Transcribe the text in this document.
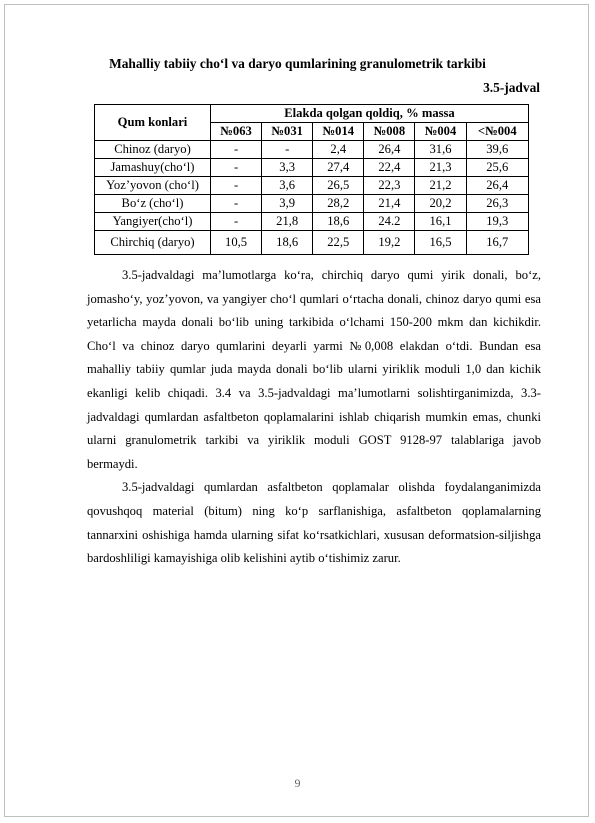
Mahalliy tabiiy cho‘l va daryo qumlarining granulometrik tarkibi
3.5-jadval
Qum konlari	Elakda qolgan qoldiq, % massa					
	№063	№031	№014	№008	№004	<№004
Chinoz (daryo)	-	-	2,4	26,4	31,6	39,6
Jamashuy(cho‘l)	-	3,3	27,4	22,4	21,3	25,6
Yoz’yovon (cho‘l)	-	3,6	26,5	22,3	21,2	26,4
Bo‘z (cho‘l)	-	3,9	28,2	21,4	20,2	26,3
Yangiyer(cho‘l)	-	21,8	18,6	24.2	16,1	19,3
Chirchiq (daryo)	10,5	18,6	22,5	19,2	16,5	16,7

3.5-jadvaldagi ma’lumotlarga ko‘ra, chirchiq daryo qumi yirik donali, bo‘z, jomasho‘y, yoz’yovon, va yangiyer cho‘l qumlari o‘rtacha donali, chinoz daryo qumi esa yetarlicha mayda donali bo‘lib uning tarkibida o‘lchami 150-200 mkm dan kichikdir. Cho‘l va chinoz daryo qumlarini deyarli yarmi №0,008 elakdan o‘tdi. Bundan esa mahalliy tabiiy qumlar juda mayda donali bo‘lib ularni yiriklik moduli 1,0 dan kichik ekanligi kelib chiqadi. 3.4 va 3.5-jadvaldagi ma’lumotlarni solishtirganimizda, 3.3-jadvaldagi qumlardan asfaltbeton qoplamalarini ishlab chiqarish mumkin emas, chunki ularni granulometrik tarkibi va yiriklik moduli GOST 9128-97 talablariga javob bermaydi.

3.5-jadvaldagi qumlardan asfaltbeton qoplamalar olishda foydalanganimizda qovushqoq material (bitum) ning ko‘p sarflanishiga, asfaltbeton qoplamalarning tannarxini oshishiga hamda ularning sifat ko‘rsatkichlari, xususan deformatsion-siljishga bardoshliligi kamayishiga olib kelishini aytib o‘tishimiz zarur.

9
